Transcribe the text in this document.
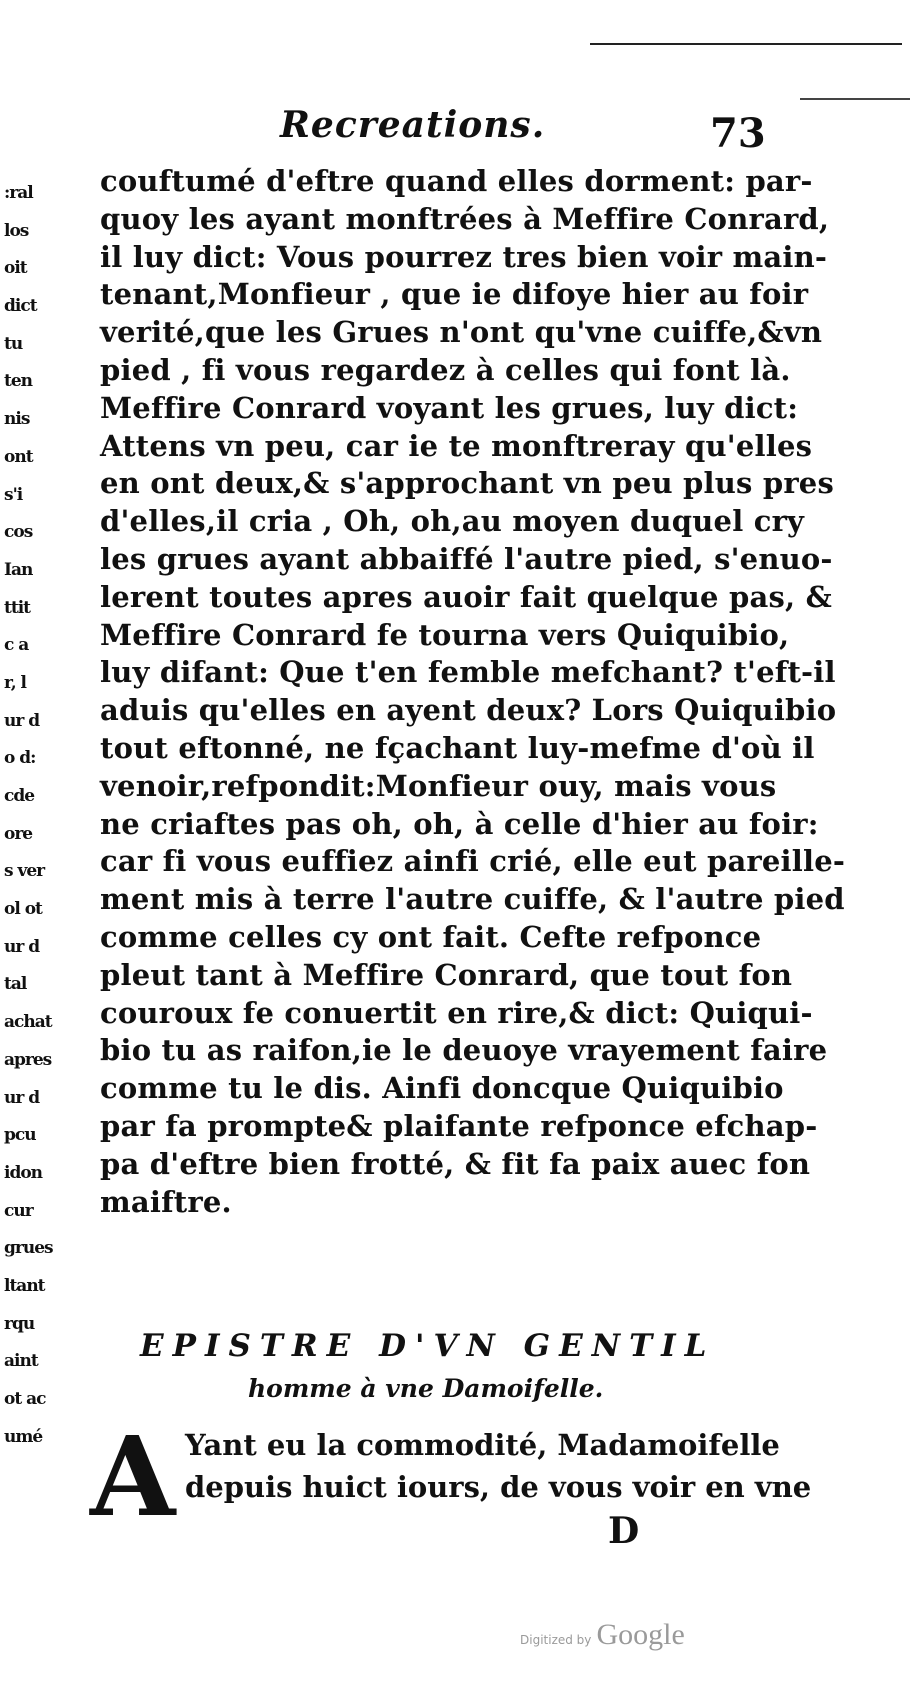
:ral
los
oit
dict
tu
ten
nis
ont
s'i
cos
Ian
ttit
c a
r, l
ur d
o d:
cde
ore
s ver
ol ot
ur d
tal
achat
apres
ur d
pcu
idon
cur
grues
ltant
rqu
aint
ot ac
umé
Recreations.	73
couftumé d'eftre quand elles dorment: par-
quoy les ayant monftrées à Meffire Conrard,
il luy dict: Vous pourrez tres bien voir main-
tenant,Monfieur , que ie difoye hier au foir
verité,que les Grues n'ont qu'vne cuiffe,&vn
pied , fi vous regardez à celles qui font là.
Meffire Conrard voyant les grues, luy dict:
Attens vn peu, car ie te monftreray qu'elles
en ont deux,& s'approchant vn peu plus pres
d'elles,il cria , Oh, oh,au moyen duquel cry
les grues ayant abbaiffé l'autre pied, s'enuo-
lerent toutes apres auoir fait quelque pas, &
Meffire Conrard fe tourna vers Quiquibio,
luy difant: Que t'en femble mefchant? t'eft-il
aduis qu'elles en ayent deux? Lors Quiquibio
tout eftonné, ne fçachant luy-mefme d'où il
venoir,refpondit:Monfieur ouy, mais vous
ne criaftes pas oh, oh, à celle d'hier au foir:
car fi vous euffiez ainfi crié, elle eut pareille-
ment mis à terre l'autre cuiffe, & l'autre pied
comme celles cy ont fait. Cefte refponce
pleut tant à Meffire Conrard, que tout fon
couroux fe conuertit en rire,& dict: Quiqui-
bio tu as raifon,ie le deuoye vrayement faire
comme tu le dis. Ainfi doncque Quiquibio
par fa prompte& plaifante refponce efchap-
pa d'eftre bien frotté, & fit fa paix auec fon
maiftre.
EPISTRE D'VN GENTIL
homme à vne Damoifelle.
A Yant eu la commodité, Madamoifelle
depuis huict iours, de vous voir en vne
D
Digitized by Google
